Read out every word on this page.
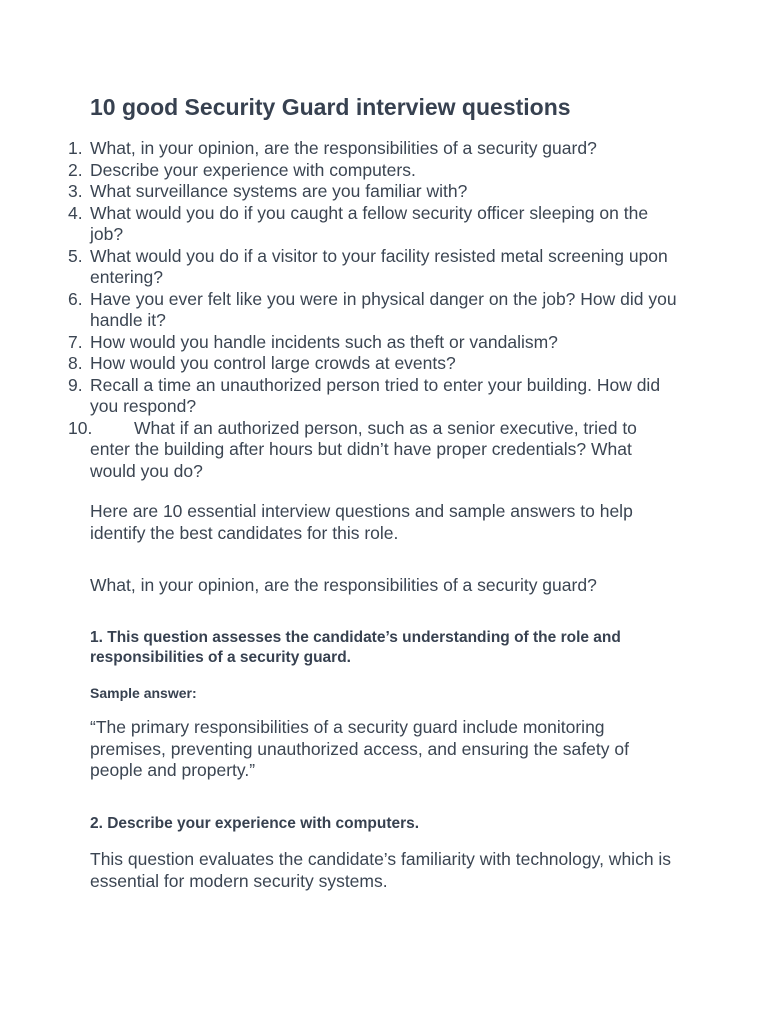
10 good Security Guard interview questions
1. What, in your opinion, are the responsibilities of a security guard?
2. Describe your experience with computers.
3. What surveillance systems are you familiar with?
4. What would you do if you caught a fellow security officer sleeping on the job?
5. What would you do if a visitor to your facility resisted metal screening upon entering?
6. Have you ever felt like you were in physical danger on the job? How did you handle it?
7. How would you handle incidents such as theft or vandalism?
8. How would you control large crowds at events?
9. Recall a time an unauthorized person tried to enter your building. How did you respond?
10. What if an authorized person, such as a senior executive, tried to enter the building after hours but didn’t have proper credentials? What would you do?

Here are 10 essential interview questions and sample answers to help identify the best candidates for this role.

What, in your opinion, are the responsibilities of a security guard?

1. This question assesses the candidate’s understanding of the role and responsibilities of a security guard.

Sample answer:

“The primary responsibilities of a security guard include monitoring premises, preventing unauthorized access, and ensuring the safety of people and property.”

2. Describe your experience with computers.

This question evaluates the candidate’s familiarity with technology, which is essential for modern security systems.
